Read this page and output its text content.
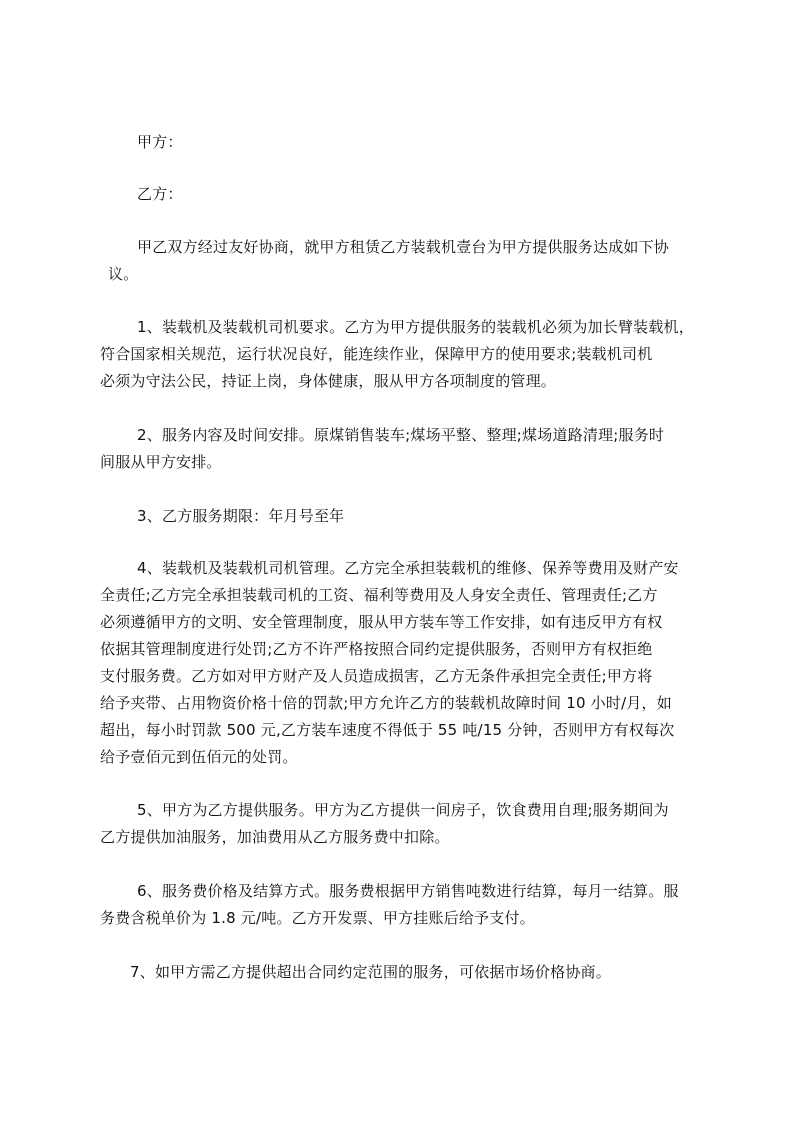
甲方：
乙方：
甲乙双方经过友好协商，就甲方租赁乙方装载机壹台为甲方提供服务达成如下协
议。
1、装载机及装载机司机要求。乙方为甲方提供服务的装载机必须为加长臂装载机，
符合国家相关规范，运行状况良好，能连续作业，保障甲方的使用要求;装载机司机
必须为守法公民，持证上岗，身体健康，服从甲方各项制度的管理。
2、服务内容及时间安排。原煤销售装车;煤场平整、整理;煤场道路清理;服务时
间服从甲方安排。
3、乙方服务期限：年月号至年
4、装载机及装载机司机管理。乙方完全承担装载机的维修、保养等费用及财产安
全责任;乙方完全承担装载司机的工资、福利等费用及人身安全责任、管理责任;乙方
必须遵循甲方的文明、安全管理制度，服从甲方装车等工作安排，如有违反甲方有权
依据其管理制度进行处罚;乙方不许严格按照合同约定提供服务，否则甲方有权拒绝
支付服务费。乙方如对甲方财产及人员造成损害，乙方无条件承担完全责任;甲方将
给予夹带、占用物资价格十倍的罚款;甲方允许乙方的装载机故障时间 10 小时/月，如
超出，每小时罚款 500 元,乙方装车速度不得低于 55 吨/15 分钟，否则甲方有权每次
给予壹佰元到伍佰元的处罚。
5、甲方为乙方提供服务。甲方为乙方提供一间房子，饮食费用自理;服务期间为
乙方提供加油服务，加油费用从乙方服务费中扣除。
6、服务费价格及结算方式。服务费根据甲方销售吨数进行结算，每月一结算。服
务费含税单价为 1.8 元/吨。乙方开发票、甲方挂账后给予支付。
7、如甲方需乙方提供超出合同约定范围的服务，可依据市场价格协商。
